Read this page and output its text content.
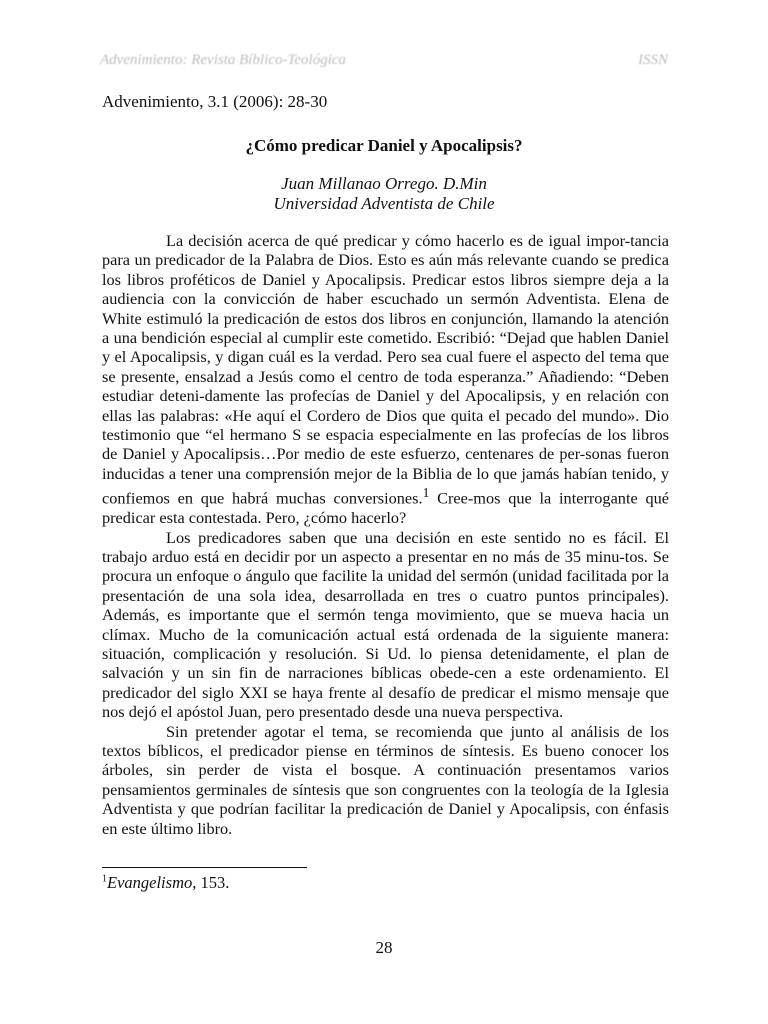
Advenimiento: Revista Bíblico-Teológica	ISSN
Advenimiento, 3.1 (2006): 28-30
¿Cómo predicar Daniel y Apocalipsis?
Juan Millanao Orrego. D.Min
Universidad Adventista de Chile

La decisión acerca de qué predicar y cómo hacerlo es de igual impor-tancia para un predicador de la Palabra de Dios. Esto es aún más relevante cuando se predica los libros proféticos de Daniel y Apocalipsis. Predicar estos libros siempre deja a la audiencia con la convicción de haber escuchado un sermón Adventista. Elena de White estimuló la predicación de estos dos libros en conjunción, llamando la atención a una bendición especial al cumplir este cometido. Escribió: “Dejad que hablen Daniel y el Apocalipsis, y digan cuál es la verdad. Pero sea cual fuere el aspecto del tema que se presente, ensalzad a Jesús como el centro de toda esperanza.” Añadiendo: “Deben estudiar deteni-damente las profecías de Daniel y del Apocalipsis, y en relación con ellas las palabras: «He aquí el Cordero de Dios que quita el pecado del mundo». Dio testimonio que “el hermano S se espacia especialmente en las profecías de los libros de Daniel y Apocalipsis…Por medio de este esfuerzo, centenares de per-sonas fueron inducidas a tener una comprensión mejor de la Biblia de lo que jamás habían tenido, y confiemos en que habrá muchas conversiones.$^1$ Cree-mos que la interrogante qué predicar esta contestada. Pero, ¿cómo hacerlo?

Los predicadores saben que una decisión en este sentido no es fácil. El trabajo arduo está en decidir por un aspecto a presentar en no más de 35 minu-tos. Se procura un enfoque o ángulo que facilite la unidad del sermón (unidad facilitada por la presentación de una sola idea, desarrollada en tres o cuatro puntos principales). Además, es importante que el sermón tenga movimiento, que se mueva hacia un clímax. Mucho de la comunicación actual está ordenada de la siguiente manera: situación, complicación y resolución. Si Ud. lo piensa detenidamente, el plan de salvación y un sin fin de narraciones bíblicas obede-cen a este ordenamiento. El predicador del siglo XXI se haya frente al desafío de predicar el mismo mensaje que nos dejó el apóstol Juan, pero presentado desde una nueva perspectiva.

Sin pretender agotar el tema, se recomienda que junto al análisis de los textos bíblicos, el predicador piense en términos de síntesis. Es bueno conocer los árboles, sin perder de vista el bosque. A continuación presentamos varios pensamientos germinales de síntesis que son congruentes con la teología de la Iglesia Adventista y que podrían facilitar la predicación de Daniel y Apocalipsis, con énfasis en este último libro.

$^1$Evangelismo, 153.
28
